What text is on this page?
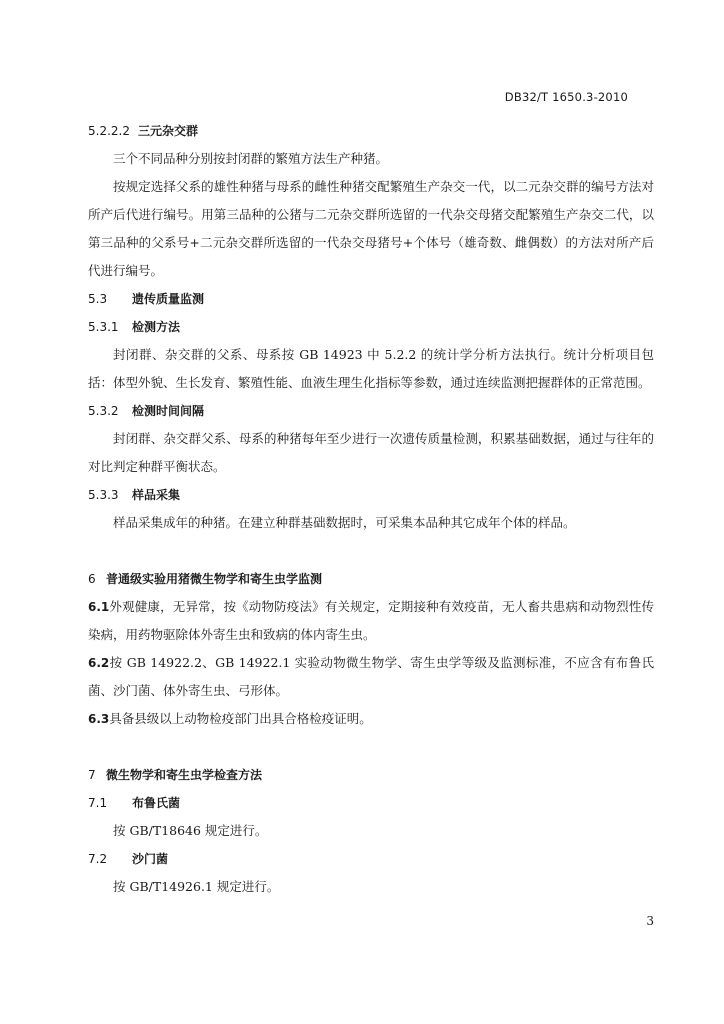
DB32/T 1650.3-2010
5.2.2.2 三元杂交群
三个不同品种分别按封闭群的繁殖方法生产种猪。
按规定选择父系的雄性种猪与母系的雌性种猪交配繁殖生产杂交一代，以二元杂交群的编号方法对所产后代进行编号。用第三品种的公猪与二元杂交群所选留的一代杂交母猪交配繁殖生产杂交二代，以第三品种的父系号+二元杂交群所选留的一代杂交母猪号+个体号（雄奇数、雌偶数）的方法对所产后代进行编号。
5.3 遗传质量监测
5.3.1 检测方法
封闭群、杂交群的父系、母系按 GB 14923 中 5.2.2 的统计学分析方法执行。统计分析项目包括：体型外貌、生长发育、繁殖性能、血液生理生化指标等参数，通过连续监测把握群体的正常范围。
5.3.2 检测时间间隔
封闭群、杂交群父系、母系的种猪每年至少进行一次遗传质量检测，积累基础数据，通过与往年的对比判定种群平衡状态。
5.3.3 样品采集
样品采集成年的种猪。在建立种群基础数据时，可采集本品种其它成年个体的样品。
6 普通级实验用猪微生物学和寄生虫学监测
6.1外观健康，无异常，按《动物防疫法》有关规定，定期接种有效疫苗，无人畜共患病和动物烈性传染病，用药物驱除体外寄生虫和致病的体内寄生虫。
6.2按 GB 14922.2、GB 14922.1 实验动物微生物学、寄生虫学等级及监测标准，不应含有布鲁氏菌、沙门菌、体外寄生虫、弓形体。
6.3具备县级以上动物检疫部门出具合格检疫证明。
7 微生物学和寄生虫学检查方法
7.1 布鲁氏菌
按 GB/T18646 规定进行。
7.2 沙门菌
按 GB/T14926.1 规定进行。
3
